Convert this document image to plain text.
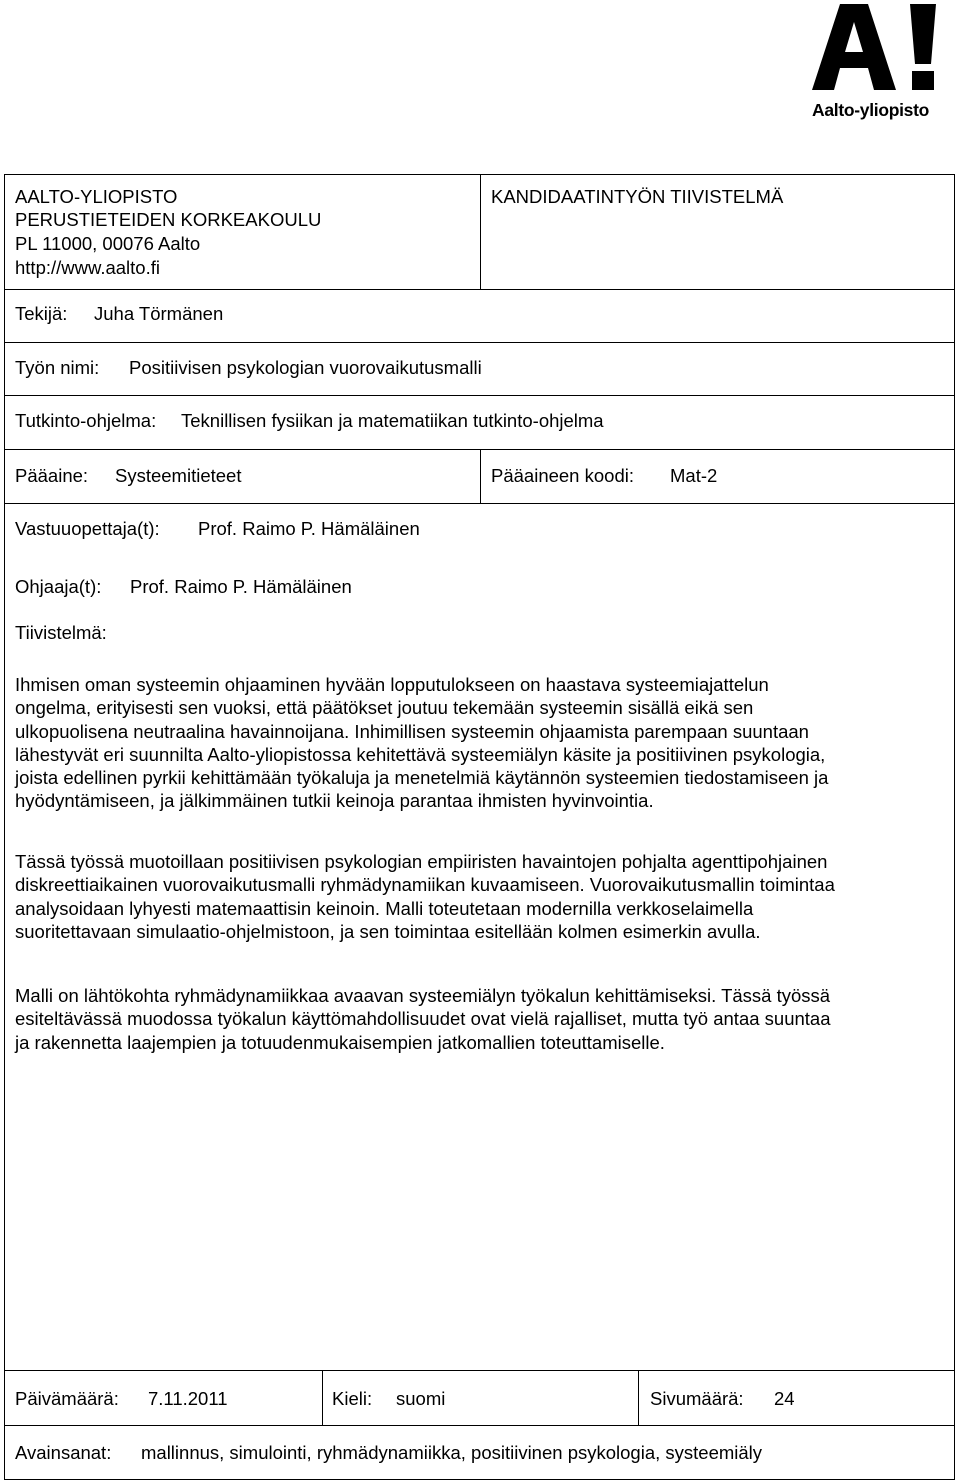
Aalto-yliopisto
AALTO-YLIOPISTO
PERUSTIETEIDEN KORKEAKOULU
PL 11000, 00076 Aalto
http://www.aalto.fi
KANDIDAATINTYÖN TIIVISTELMÄ
Tekijä: Juha Törmänen
Työn nimi: Positiivisen psykologian vuorovaikutusmalli
Tutkinto-ohjelma: Teknillisen fysiikan ja matematiikan tutkinto-ohjelma
Pääaine: Systeemitieteet	Pääaineen koodi: Mat-2
Vastuuopettaja(t): Prof. Raimo P. Hämäläinen
Ohjaaja(t): Prof. Raimo P. Hämäläinen
Tiivistelmä:
Ihmisen oman systeemin ohjaaminen hyvään lopputulokseen on haastava systeemiajattelun
ongelma, erityisesti sen vuoksi, että päätökset joutuu tekemään systeemin sisällä eikä sen
ulkopuolisena neutraalina havainnoijana. Inhimillisen systeemin ohjaamista parempaan suuntaan
lähestyvät eri suunnilta Aalto-yliopistossa kehitettävä systeemiälyn käsite ja positiivinen psykologia,
joista edellinen pyrkii kehittämään työkaluja ja menetelmiä käytännön systeemien tiedostamiseen ja
hyödyntämiseen, ja jälkimmäinen tutkii keinoja parantaa ihmisten hyvinvointia.
Tässä työssä muotoillaan positiivisen psykologian empiiristen havaintojen pohjalta agenttipohjainen
diskreettiaikainen vuorovaikutusmalli ryhmädynamiikan kuvaamiseen. Vuorovaikutusmallin toimintaa
analysoidaan lyhyesti matemaattisin keinoin. Malli toteutetaan modernilla verkkoselaimella
suoritettavaan simulaatio-ohjelmistoon, ja sen toimintaa esitellään kolmen esimerkin avulla.
Malli on lähtökohta ryhmädynamiikkaa avaavan systeemiälyn työkalun kehittämiseksi. Tässä työssä
esiteltävässä muodossa työkalun käyttömahdollisuudet ovat vielä rajalliset, mutta työ antaa suuntaa
ja rakennetta laajempien ja totuudenmukaisempien jatkomallien toteuttamiselle.
Päivämäärä: 7.11.2011	Kieli: suomi	Sivumäärä: 24
Avainsanat: mallinnus, simulointi, ryhmädynamiikka, positiivinen psykologia, systeemiäly
